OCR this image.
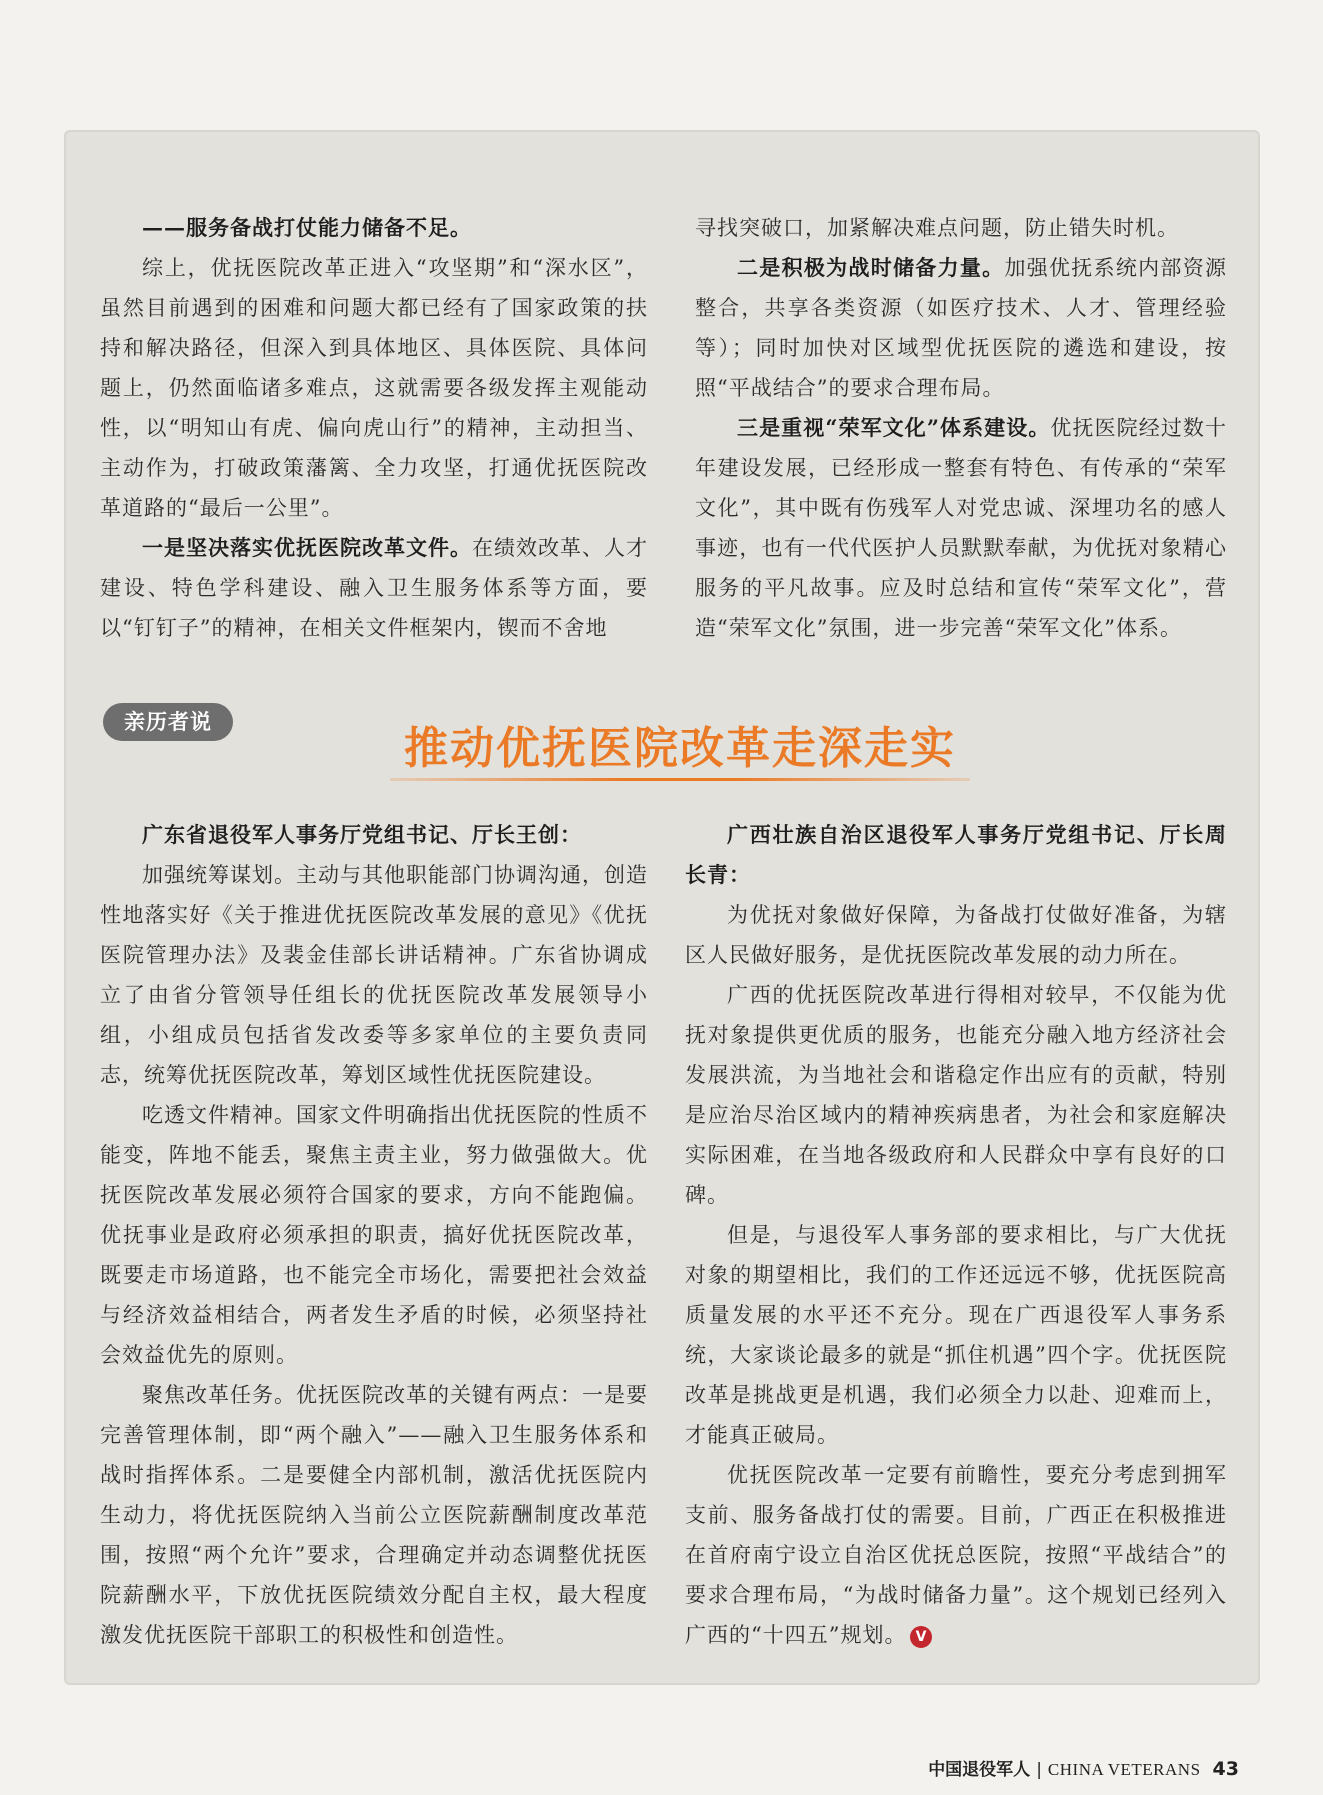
——服务备战打仗能力储备不足。

综上，优抚医院改革正进入“攻坚期”和“深水区”，虽然目前遇到的困难和问题大都已经有了国家政策的扶持和解决路径，但深入到具体地区、具体医院、具体问题上，仍然面临诸多难点，这就需要各级发挥主观能动性，以“明知山有虎、偏向虎山行”的精神，主动担当、主动作为，打破政策藩篱、全力攻坚，打通优抚医院改革道路的“最后一公里”。

一是坚决落实优抚医院改革文件。在绩效改革、人才建设、特色学科建设、融入卫生服务体系等方面，要以“钉钉子”的精神，在相关文件框架内，锲而不舍地

寻找突破口，加紧解决难点问题，防止错失时机。

二是积极为战时储备力量。加强优抚系统内部资源整合，共享各类资源（如医疗技术、人才、管理经验等）；同时加快对区域型优抚医院的遴选和建设，按照“平战结合”的要求合理布局。

三是重视“荣军文化”体系建设。优抚医院经过数十年建设发展，已经形成一整套有特色、有传承的“荣军文化”，其中既有伤残军人对党忠诚、深埋功名的感人事迹，也有一代代医护人员默默奉献，为优抚对象精心服务的平凡故事。应及时总结和宣传“荣军文化”，营造“荣军文化”氛围，进一步完善“荣军文化”体系。

亲历者说
推动优抚医院改革走深走实

广东省退役军人事务厅党组书记、厅长王创：

加强统筹谋划。主动与其他职能部门协调沟通，创造性地落实好《关于推进优抚医院改革发展的意见》《优抚医院管理办法》及裴金佳部长讲话精神。广东省协调成立了由省分管领导任组长的优抚医院改革发展领导小组，小组成员包括省发改委等多家单位的主要负责同志，统筹优抚医院改革，筹划区域性优抚医院建设。

吃透文件精神。国家文件明确指出优抚医院的性质不能变，阵地不能丢，聚焦主责主业，努力做强做大。优抚医院改革发展必须符合国家的要求，方向不能跑偏。优抚事业是政府必须承担的职责，搞好优抚医院改革，既要走市场道路，也不能完全市场化，需要把社会效益与经济效益相结合，两者发生矛盾的时候，必须坚持社会效益优先的原则。

聚焦改革任务。优抚医院改革的关键有两点：一是要完善管理体制，即“两个融入”——融入卫生服务体系和战时指挥体系。二是要健全内部机制，激活优抚医院内生动力，将优抚医院纳入当前公立医院薪酬制度改革范围，按照“两个允许”要求，合理确定并动态调整优抚医院薪酬水平，下放优抚医院绩效分配自主权，最大程度激发优抚医院干部职工的积极性和创造性。

广西壮族自治区退役军人事务厅党组书记、厅长周长青：

为优抚对象做好保障，为备战打仗做好准备，为辖区人民做好服务，是优抚医院改革发展的动力所在。

广西的优抚医院改革进行得相对较早，不仅能为优抚对象提供更优质的服务，也能充分融入地方经济社会发展洪流，为当地社会和谐稳定作出应有的贡献，特别是应治尽治区域内的精神疾病患者，为社会和家庭解决实际困难，在当地各级政府和人民群众中享有良好的口碑。

但是，与退役军人事务部的要求相比，与广大优抚对象的期望相比，我们的工作还远远不够，优抚医院高质量发展的水平还不充分。现在广西退役军人事务系统，大家谈论最多的就是“抓住机遇”四个字。优抚医院改革是挑战更是机遇，我们必须全力以赴、迎难而上，才能真正破局。

优抚医院改革一定要有前瞻性，要充分考虑到拥军支前、服务备战打仗的需要。目前，广西正在积极推进在首府南宁设立自治区优抚总医院，按照“平战结合”的要求合理布局，“为战时储备力量”。这个规划已经列入广西的“十四五”规划。 V

中国退役军人 | CHINA VETERANS 43
